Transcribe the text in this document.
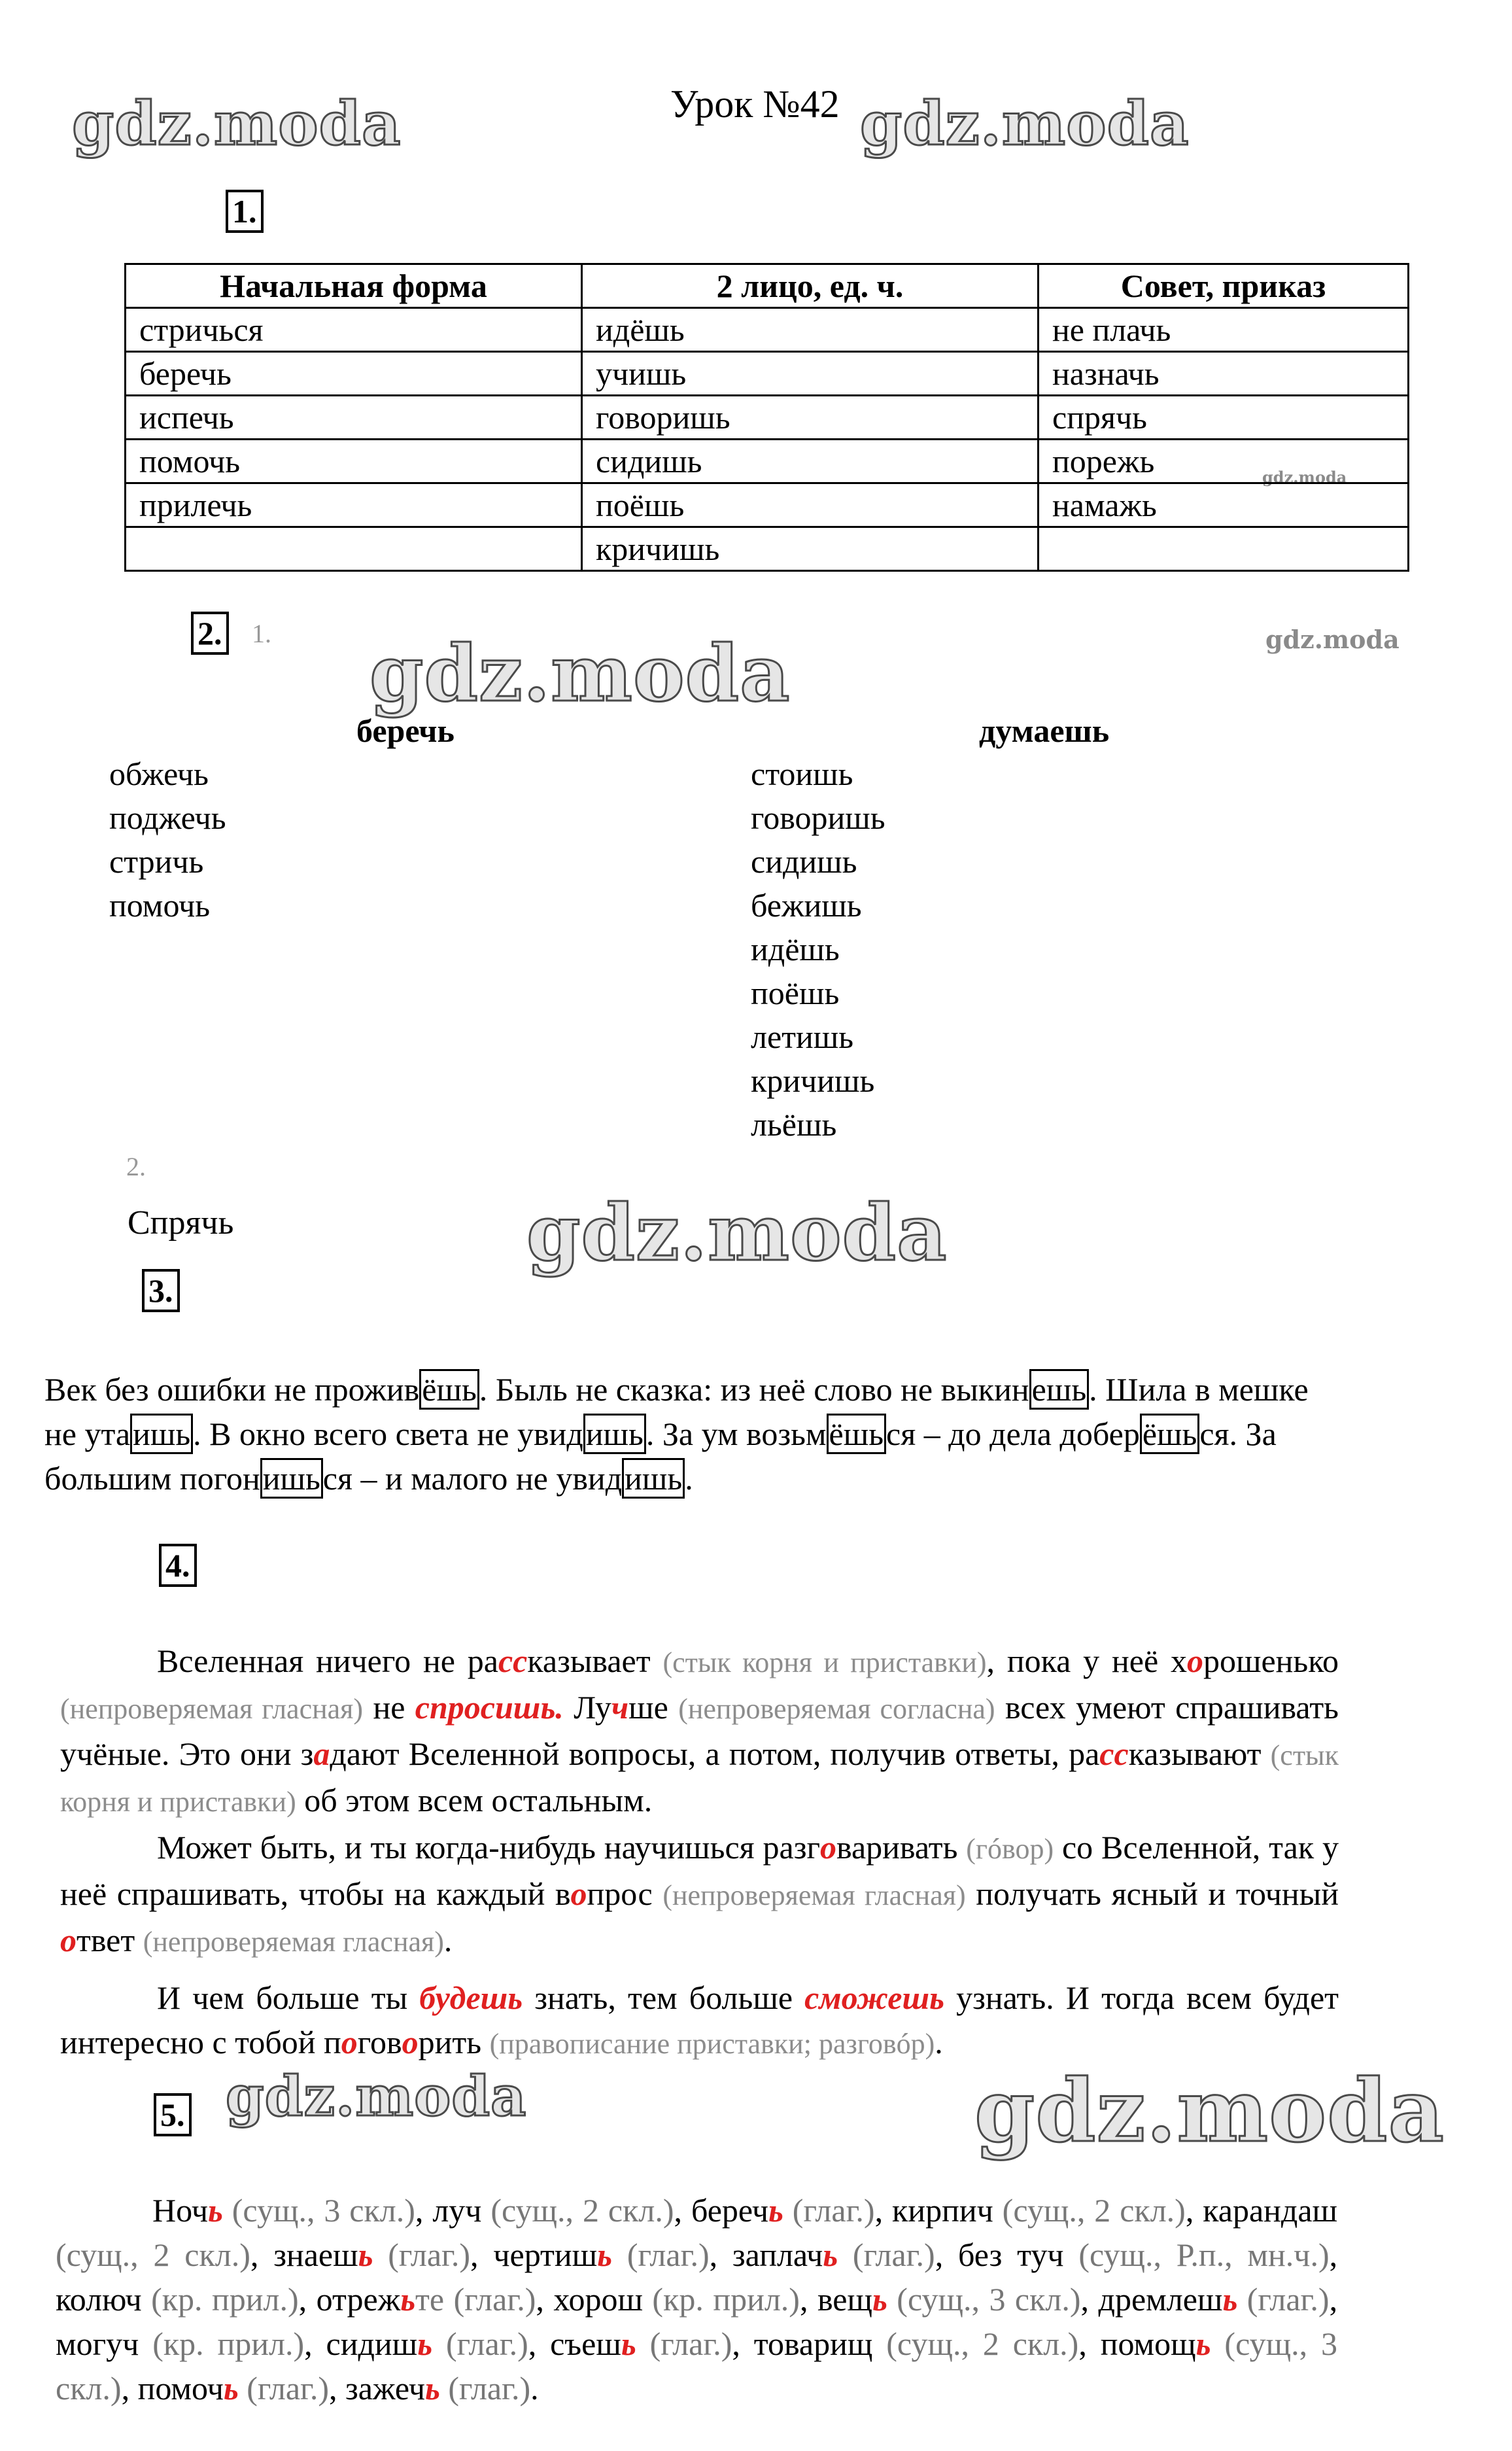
Урок №42
gdz.moda	gdz.moda
gdz.moda
gdz.moda
gdz.moda	gdz.moda
gdz.moda
gdz.moda
1.
Начальная форма	2 лицо, ед. ч.	Совет, приказ
стричься	идёшь	не плачь
беречь	учишь	назначь
испечь	говоришь	спрячь
помочь	сидишь	порежь
прилечь	поёшь	намажь
	кричишь	
2. 1.
беречь	думаешь
обжечь
поджечь
стричь
помочь
стоишь
говоришь
сидишь
бежишь
идёшь
поёшь
летишь
кричишь
льёшь
2.
Спрячь
3.
Век без ошибки не проживёшь. Быль не сказка: из неё слово не выкинешь. Шила в мешке не утаишь. В окно всего света не увидишь. За ум возьмёшься – до дела доберёшься. За большим погонишься – и малого не увидишь.
4.
Вселенная ничего не рассказывает (стык корня и приставки), пока у неё хорошенько (непроверяемая гласная) не спросишь. Лучше (непроверяемая согласна) всех умеют спрашивать учёные. Это они задают Вселенной вопросы, а потом, получив ответы, рассказывают (стык корня и приставки) об этом всем остальным.
Может быть, и ты когда-нибудь научишься разговаривать (гóвор) со Вселенной, так у неё спрашивать, чтобы на каждый вопрос (непроверяемая гласная) получать ясный и точный ответ (непроверяемая гласная).
И чем больше ты будешь знать, тем больше сможешь узнать. И тогда всем будет интересно с тобой поговорить (правописание приставки; разговóр).
5.
Ночь (сущ., 3 скл.), луч (сущ., 2 скл.), беречь (глаг.), кирпич (сущ., 2 скл.), карандаш (сущ., 2 скл.), знаешь (глаг.), чертишь (глаг.), заплачь (глаг.), без туч (сущ., Р.п., мн.ч.), колюч (кр. прил.), отрежьте (глаг.), хорош (кр. прил.), вещь (сущ., 3 скл.), дремлешь (глаг.), могуч (кр. прил.), сидишь (глаг.), съешь (глаг.), товарищ (сущ., 2 скл.), помощь (сущ., 3 скл.), помочь (глаг.), зажечь (глаг.).
